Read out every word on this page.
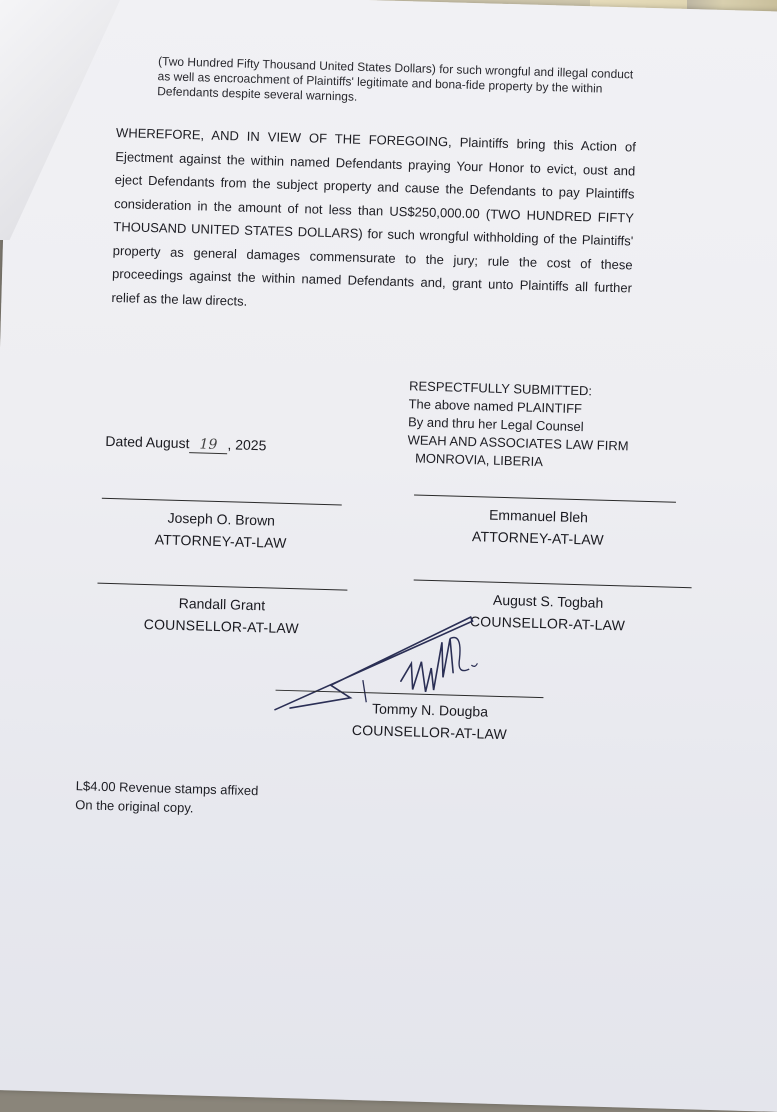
(Two Hundred Fifty Thousand United States Dollars) for such wrongful and illegal conduct as well as encroachment of Plaintiffs' legitimate and bona-fide property by the within Defendants despite several warnings.
WHEREFORE, AND IN VIEW OF THE FOREGOING, Plaintiffs bring this Action of Ejectment against the within named Defendants praying Your Honor to evict, oust and eject Defendants from the subject property and cause the Defendants to pay Plaintiffs consideration in the amount of not less than US$250,000.00 (TWO HUNDRED FIFTY THOUSAND UNITED STATES DOLLARS) for such wrongful withholding of the Plaintiffs' property as general damages commensurate to the jury; rule the cost of these proceedings against the within named Defendants and, grant unto Plaintiffs all further relief as the law directs.
RESPECTFULLY SUBMITTED:
The above named PLAINTIFF
By and thru her Legal Counsel
WEAH AND ASSOCIATES LAW FIRM
MONROVIA, LIBERIA
Dated August 19 , 2025
Joseph O. Brown
ATTORNEY-AT-LAW
Emmanuel Bleh
ATTORNEY-AT-LAW
Randall Grant
COUNSELLOR-AT-LAW
August S. Togbah
COUNSELLOR-AT-LAW
Tommy N. Dougba
COUNSELLOR-AT-LAW
L$4.00 Revenue stamps affixed
On the original copy.
